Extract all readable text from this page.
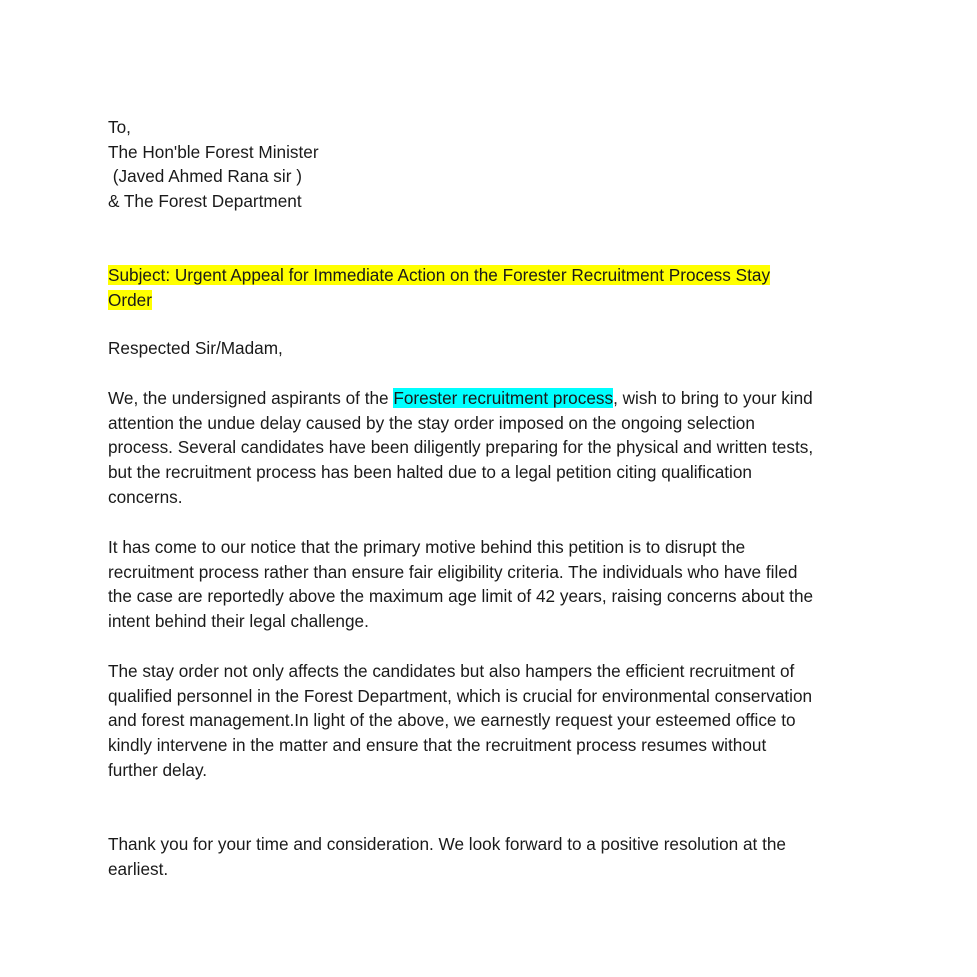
To,
The Hon'ble Forest Minister
(Javed Ahmed Rana sir )
& The Forest Department
Subject: Urgent Appeal for Immediate Action on the Forester Recruitment Process Stay
Order
Respected Sir/Madam,
We, the undersigned aspirants of the Forester recruitment process, wish to bring to your kind
attention the undue delay caused by the stay order imposed on the ongoing selection
process. Several candidates have been diligently preparing for the physical and written tests,
but the recruitment process has been halted due to a legal petition citing qualification
concerns.
It has come to our notice that the primary motive behind this petition is to disrupt the
recruitment process rather than ensure fair eligibility criteria. The individuals who have filed
the case are reportedly above the maximum age limit of 42 years, raising concerns about the
intent behind their legal challenge.
The stay order not only affects the candidates but also hampers the efficient recruitment of
qualified personnel in the Forest Department, which is crucial for environmental conservation
and forest management.In light of the above, we earnestly request your esteemed office to
kindly intervene in the matter and ensure that the recruitment process resumes without
further delay.
Thank you for your time and consideration. We look forward to a positive resolution at the
earliest.
